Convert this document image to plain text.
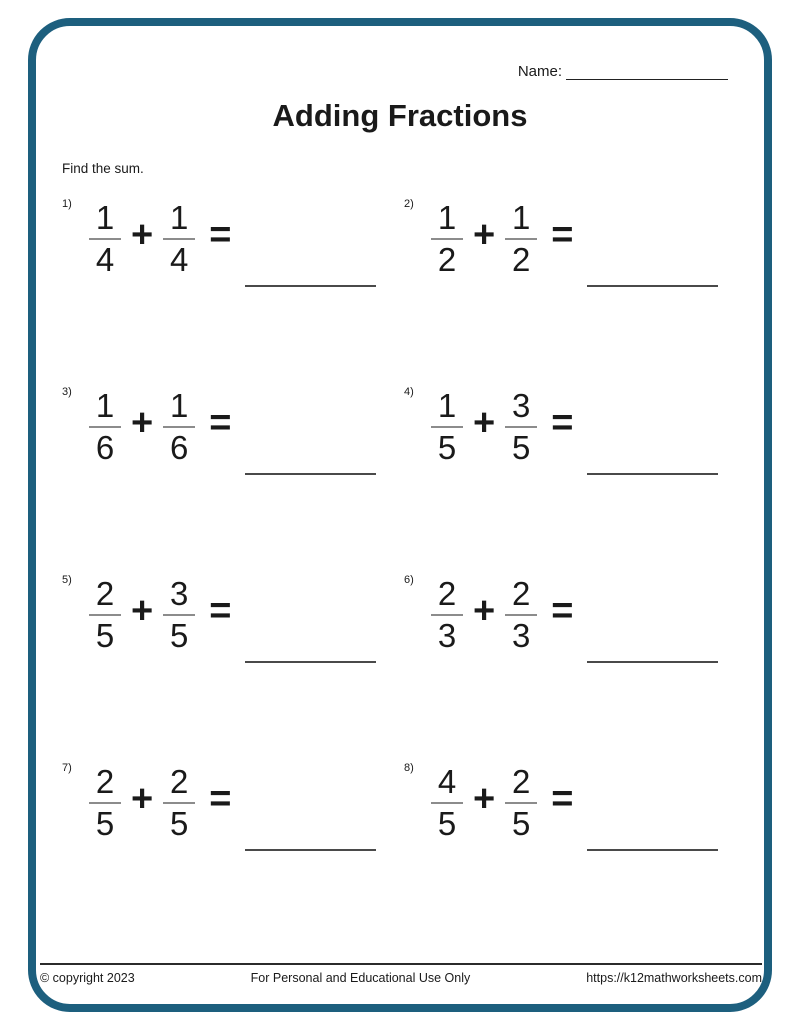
Name:
Adding Fractions
Find the sum.
$1) \frac{1}{4} + \frac{1}{4}$ =
$2) \frac{1}{2} + \frac{1}{2}$ =
$3) \frac{1}{6} + \frac{1}{6}$ =
$4) \frac{1}{5} + \frac{3}{5}$ =
$5) \frac{2}{5} + \frac{3}{5}$ =
$6) \frac{2}{3} + \frac{2}{3}$ =
$7) \frac{2}{5} + \frac{2}{5}$ =
$8) \frac{4}{5} + \frac{2}{5}$ =
© copyright 2023	For Personal and Educational Use Only	https://k12mathworksheets.com
